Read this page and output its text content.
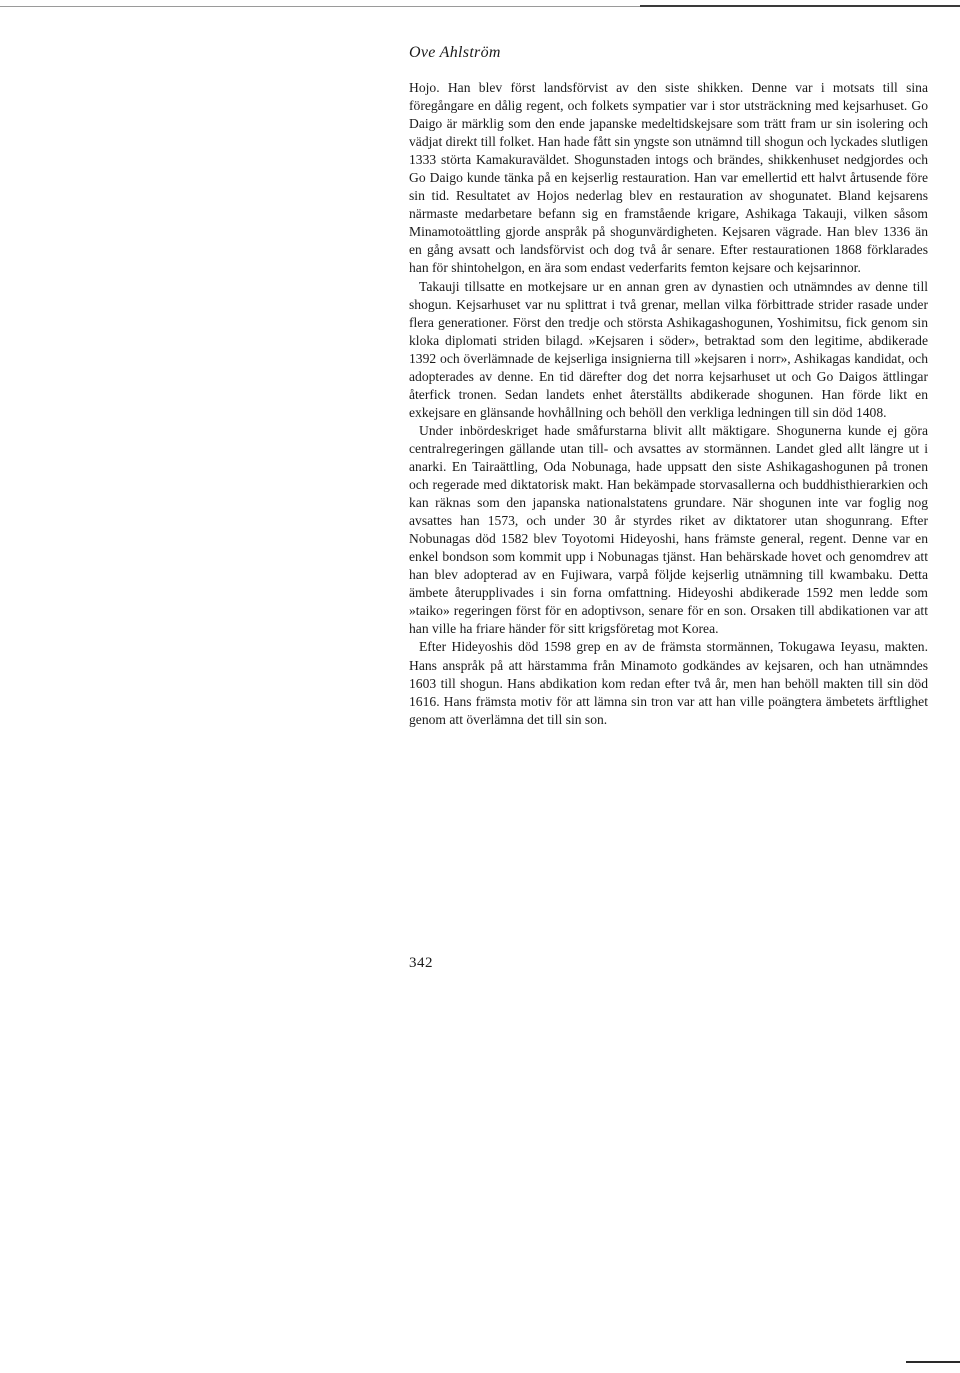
Ove Ahlström

Hojo. Han blev först landsförvist av den siste shikken. Denne var i motsats till sina föregångare en dålig regent, och folkets sympatier var i stor utsträckning med kejsarhuset. Go Daigo är märklig som den ende japanske medeltidskejsare som trätt fram ur sin isolering och vädjat direkt till folket. Han hade fått sin yngste son utnämnd till shogun och lyckades slutligen 1333 störta Kamakuraväldet. Shogunstaden intogs och brändes, shikkenhuset nedgjordes och Go Daigo kunde tänka på en kejserlig restauration. Han var emellertid ett halvt årtusende före sin tid. Resultatet av Hojos nederlag blev en restauration av shogunatet. Bland kejsarens närmaste medarbetare befann sig en framstående krigare, Ashikaga Takauji, vilken såsom Minamotoättling gjorde anspråk på shogunvärdigheten. Kejsaren vägrade. Han blev 1336 än en gång avsatt och landsförvist och dog två år senare. Efter restaurationen 1868 förklarades han för shintohelgon, en ära som endast vederfarits femton kejsare och kejsarinnor.

Takauji tillsatte en motkejsare ur en annan gren av dynastien och utnämndes av denne till shogun. Kejsarhuset var nu splittrat i två grenar, mellan vilka förbittrade strider rasade under flera generationer. Först den tredje och största Ashikagashogunen, Yoshimitsu, fick genom sin kloka diplomati striden bilagd. »Kejsaren i söder», betraktad som den legitime, abdikerade 1392 och överlämnade de kejserliga insignierna till »kejsaren i norr», Ashikagas kandidat, och adopterades av denne. En tid därefter dog det norra kejsarhuset ut och Go Daigos ättlingar återfick tronen. Sedan landets enhet återställts abdikerade shogunen. Han förde likt en exkejsare en glänsande hovhållning och behöll den verkliga ledningen till sin död 1408.

Under inbördeskriget hade småfurstarna blivit allt mäktigare. Shogunerna kunde ej göra centralregeringen gällande utan till- och avsattes av stormännen. Landet gled allt längre ut i anarki. En Tairaättling, Oda Nobunaga, hade uppsatt den siste Ashikagashogunen på tronen och regerade med diktatorisk makt. Han bekämpade storvasallerna och buddhisthierarkien och kan räknas som den japanska nationalstatens grundare. När shogunen inte var foglig nog avsattes han 1573, och under 30 år styrdes riket av diktatorer utan shogunrang. Efter Nobunagas död 1582 blev Toyotomi Hideyoshi, hans främste general, regent. Denne var en enkel bondson som kommit upp i Nobunagas tjänst. Han behärskade hovet och genomdrev att han blev adopterad av en Fujiwara, varpå följde kejserlig utnämning till kwambaku. Detta ämbete återupplivades i sin forna omfattning. Hideyoshi abdikerade 1592 men ledde som »taiko» regeringen först för en adoptivson, senare för en son. Orsaken till abdikationen var att han ville ha friare händer för sitt krigsföretag mot Korea.

Efter Hideyoshis död 1598 grep en av de främsta stormännen, Tokugawa Ieyasu, makten. Hans anspråk på att härstamma från Minamoto godkändes av kejsaren, och han utnämndes 1603 till shogun. Hans abdikation kom redan efter två år, men han behöll makten till sin död 1616. Hans främsta motiv för att lämna sin tron var att han ville poängtera ämbetets ärftlighet genom att överlämna det till sin son.

342
